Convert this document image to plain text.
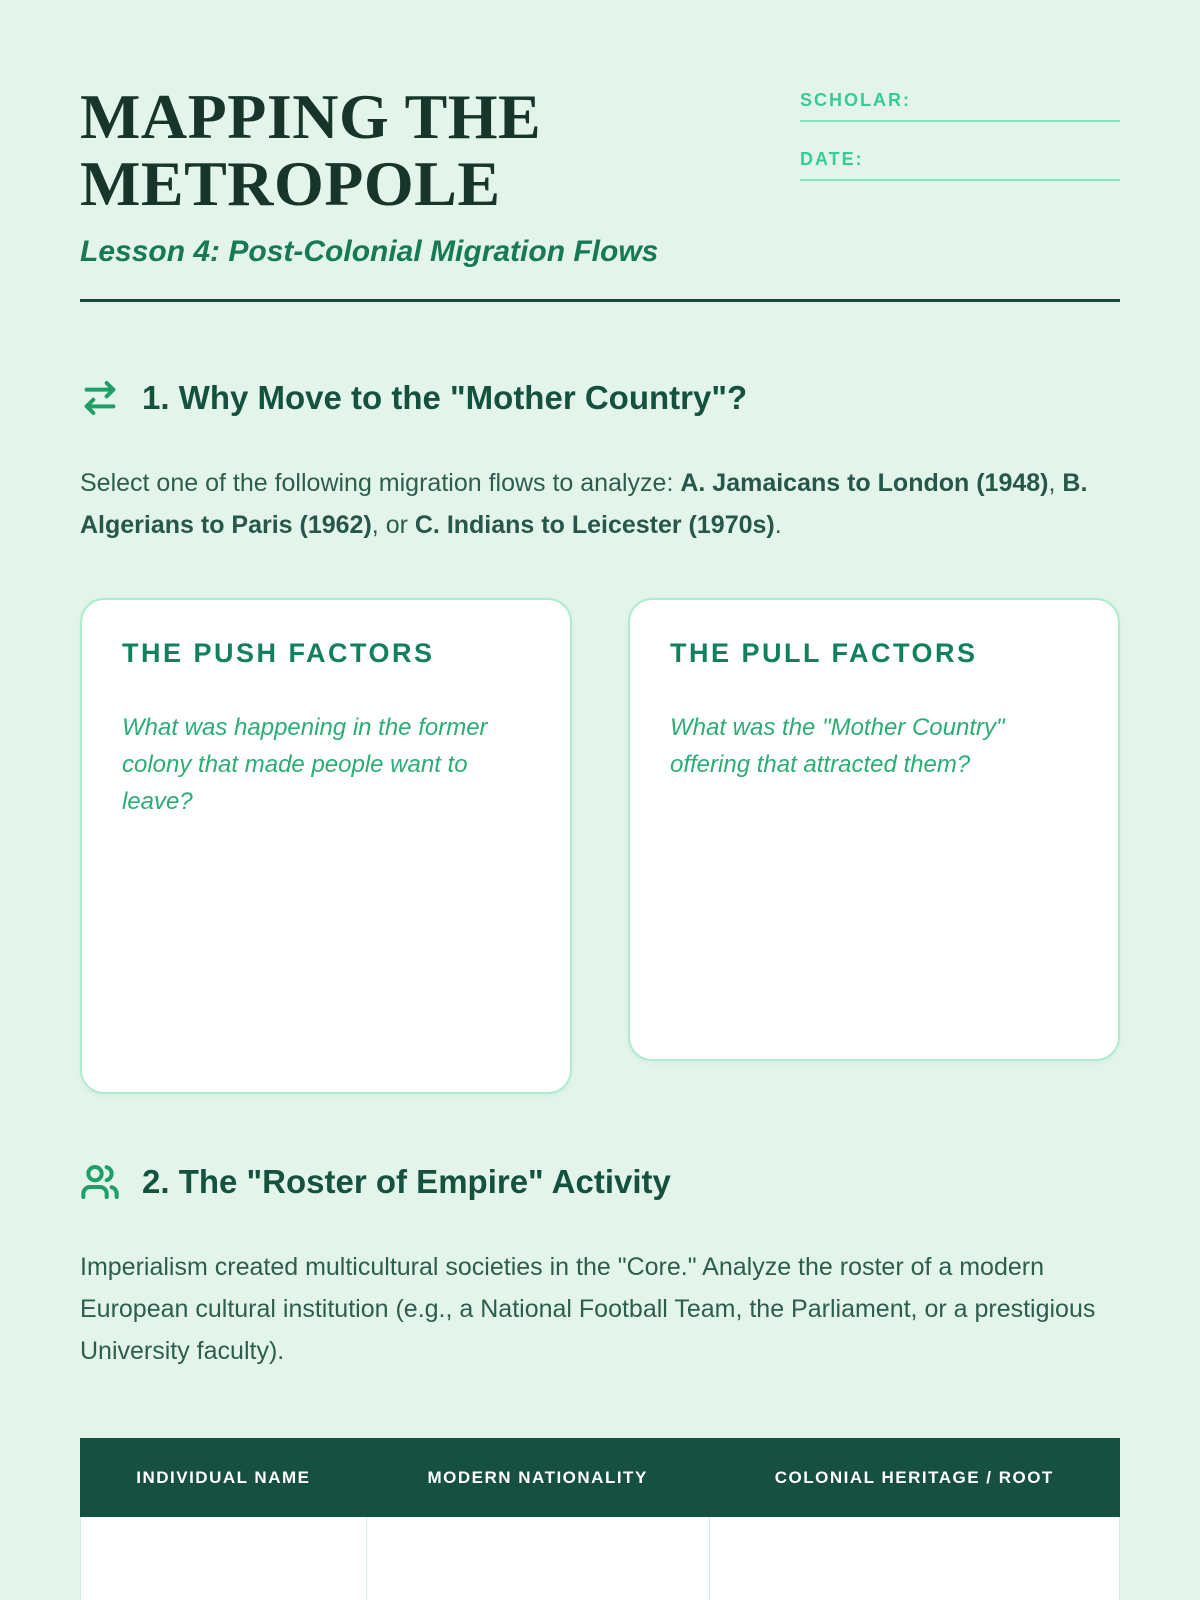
MAPPING THE
METROPOLE
Lesson 4: Post-Colonial Migration Flows
SCHOLAR:
DATE:
1. Why Move to the "Mother Country"?

Select one of the following migration flows to analyze: A. Jamaicans to London (1948), B. Algerians to Paris (1962), or C. Indians to Leicester (1970s).

THE PUSH FACTORS

What was happening in the former colony that made people want to leave?

THE PULL FACTORS

What was the "Mother Country" offering that attracted them?

2. The "Roster of Empire" Activity

Imperialism created multicultural societies in the "Core." Analyze the roster of a modern European cultural institution (e.g., a National Football Team, the Parliament, or a prestigious University faculty).

INDIVIDUAL NAME	MODERN NATIONALITY	COLONIAL HERITAGE / ROOT
